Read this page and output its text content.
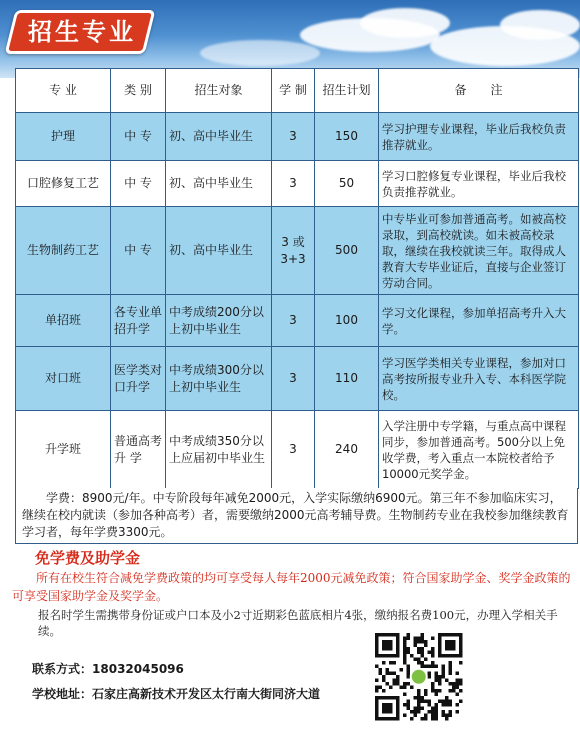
招生专业
专 业	类 别	招生对象	学 制	招生计划	备　　注
护理	中 专	初、高中毕业生	3	150	学习护理专业课程，毕业后我校负责推荐就业。
口腔修复工艺	中 专	初、高中毕业生	3	50	学习口腔修复专业课程，毕业后我校负责推荐就业。
生物制药工艺	中 专	初、高中毕业生	3 或 3+3	500	中专毕业可参加普通高考。如被高校录取，到高校就读。如未被高校录取，继续在我校就读三年。取得成人教育大专毕业证后，直接与企业签订劳动合同。
单招班	各专业单招升学	中考成绩200分以上初中毕业生	3	100	学习文化课程，参加单招高考升入大学。
对口班	医学类对口升学	中考成绩300分以上初中毕业生	3	110	学习医学类相关专业课程，参加对口高考按所报专业升入专、本科医学院校。
升学班	普通高考升 学	中考成绩350分以上应届初中毕业生	3	240	入学注册中专学籍，与重点高中课程同步，参加普通高考。500分以上免收学费，考入重点一本院校者给予10000元奖学金。
学费：8900元/年。中专阶段每年减免2000元，入学实际缴纳6900元。第三年不参加临床实习，继续在校内就读（参加各种高考）者，需要缴纳2000元高考辅导费。生物制药专业在我校参加继续教育学习者，每年学费3300元。
免学费及助学金
所有在校生符合减免学费政策的均可享受每人每年2000元减免政策；符合国家助学金、奖学金政策的可享受国家助学金及奖学金。
报名时学生需携带身份证或户口本及小2寸近期彩色蓝底相片4张，缴纳报名费100元，办理入学相关手续。
联系方式：18032045096
学校地址：石家庄高新技术开发区太行南大街同济大道
